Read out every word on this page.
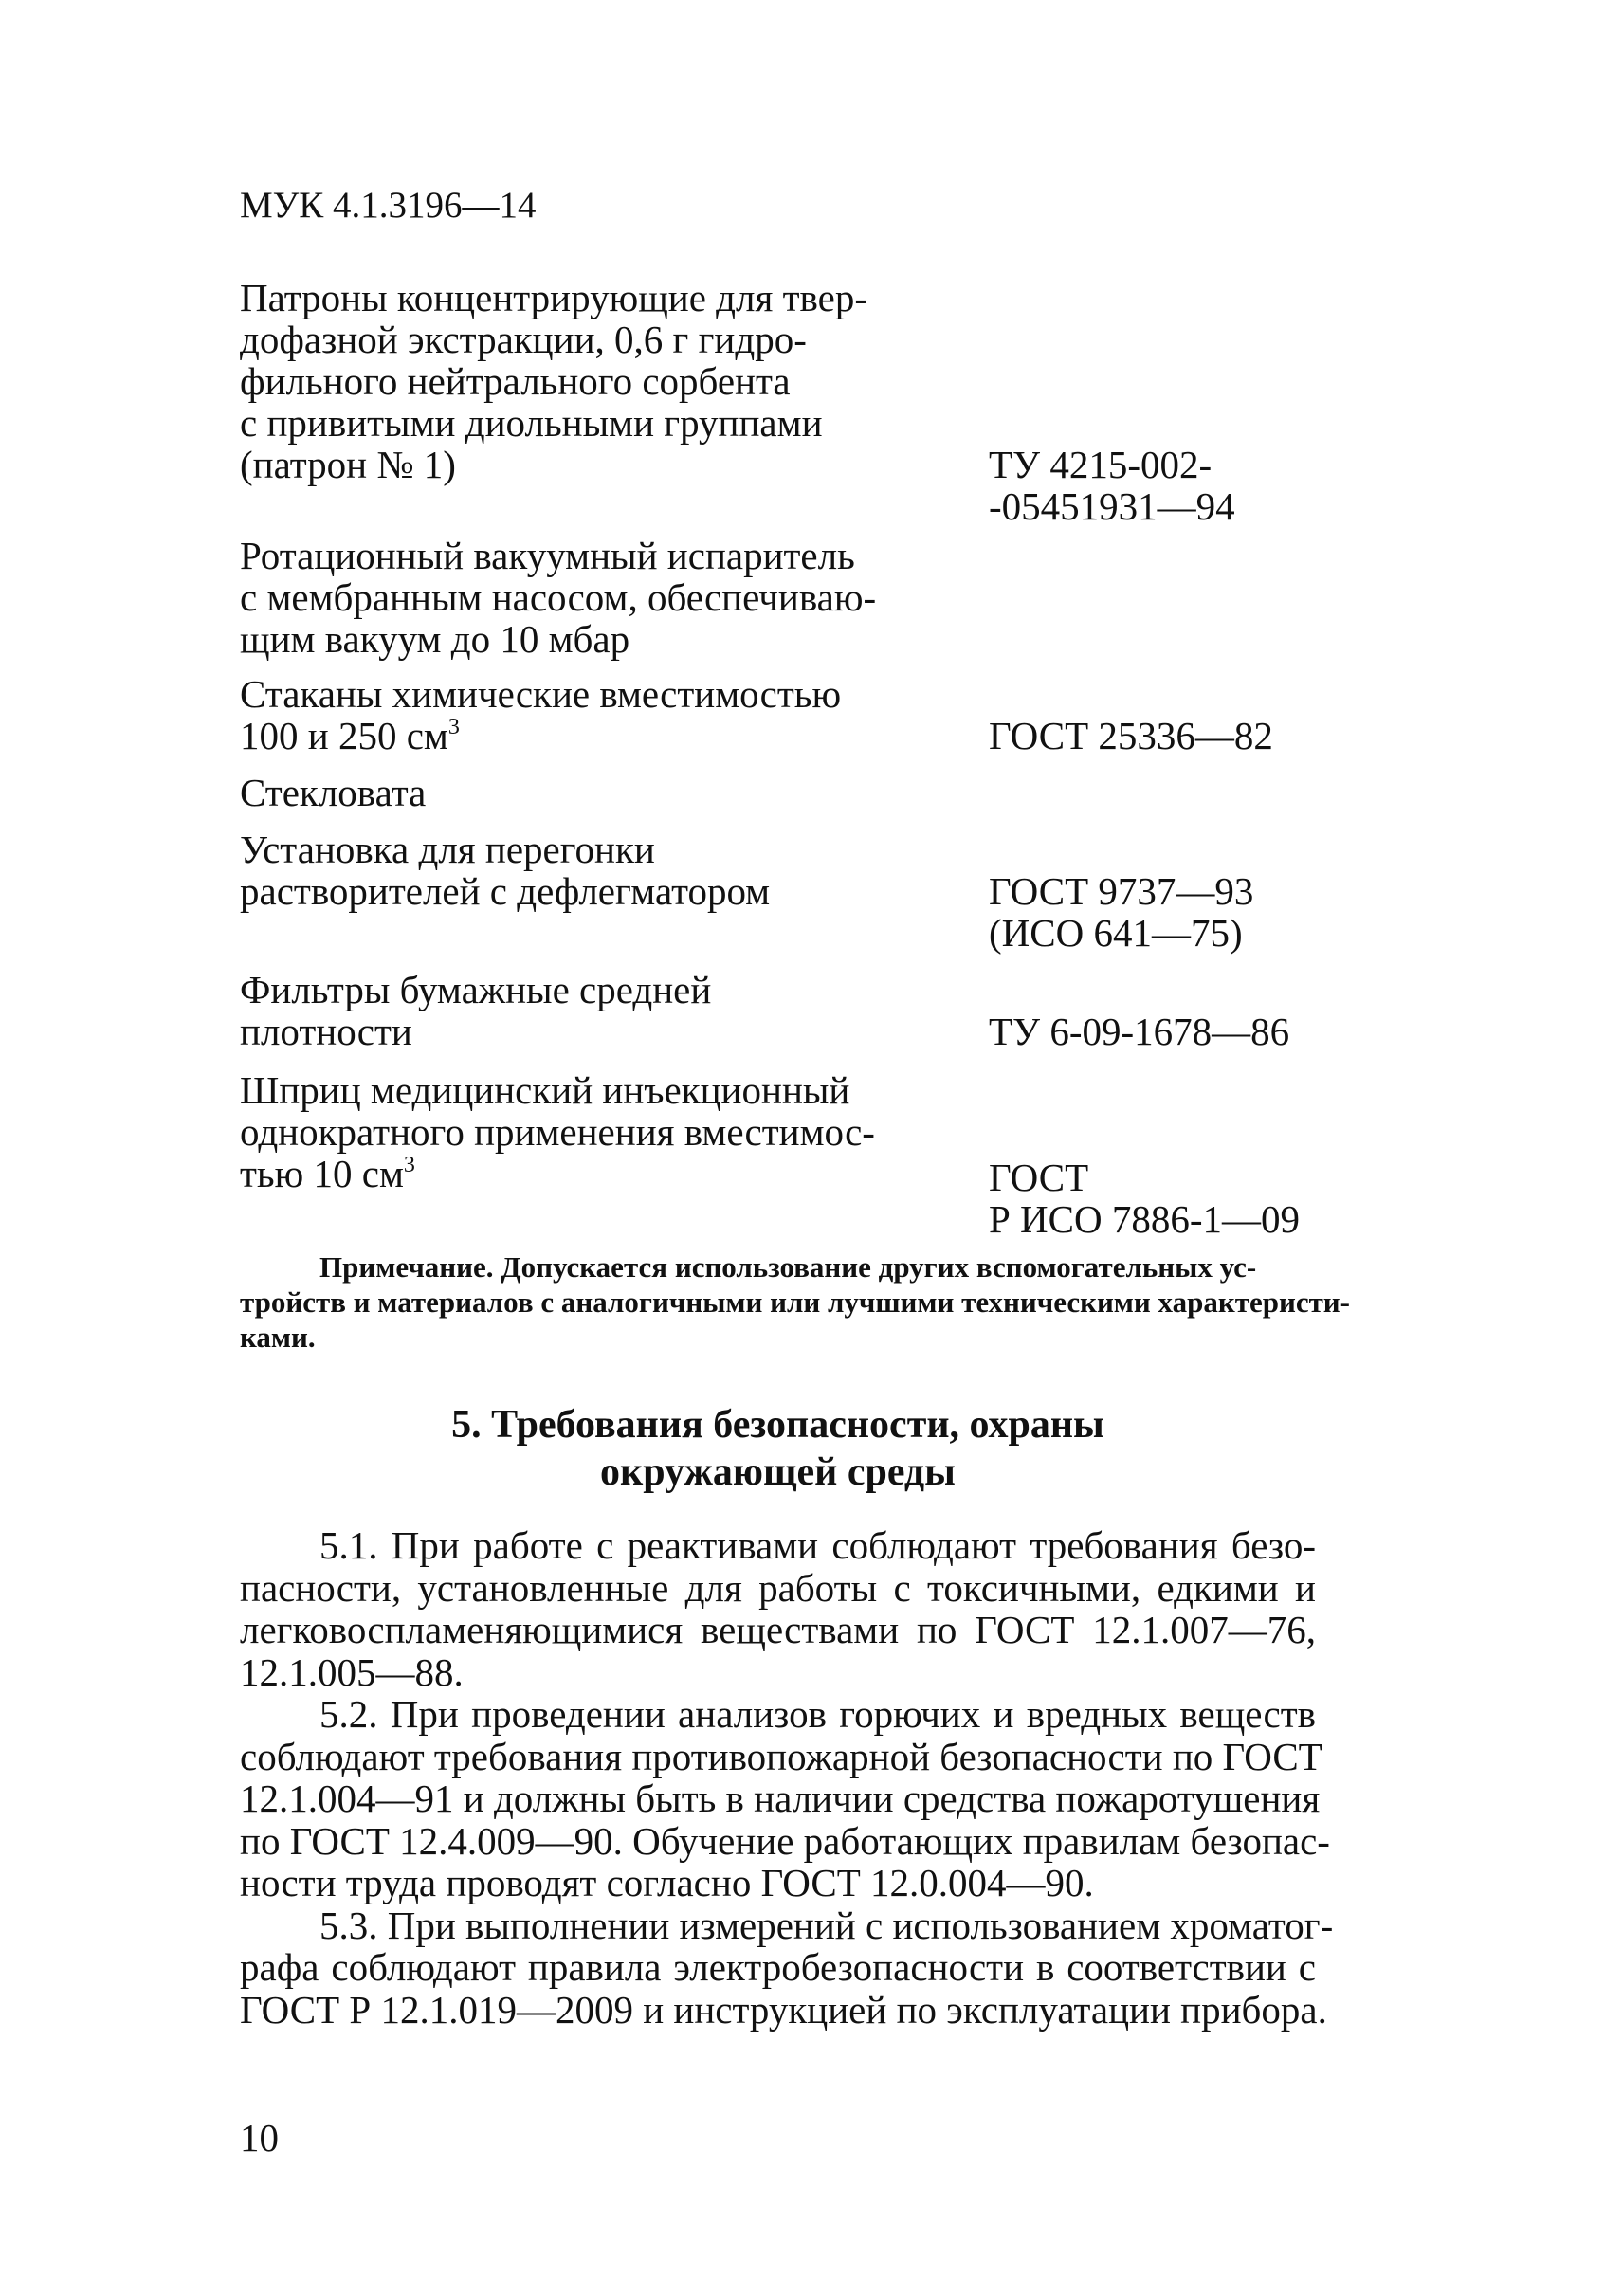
МУК 4.1.3196—14

Патроны концентрирующие для твер-
дофазной экстракции, 0,6 г гидро-
фильного нейтрального сорбента
с привитыми диольными группами
(патрон № 1)	ТУ 4215-002-
-05451931—94
Ротационный вакуумный испаритель
с мембранным насосом, обеспечиваю-
щим вакуум до 10 мбар
Стаканы химические вместимостью
100 и 250 $см^3$	ГОСТ 25336—82
Стекловата
Установка для перегонки
растворителей с дефлегматором	ГОСТ 9737—93
(ИСО 641—75)
Фильтры бумажные средней
плотности	ТУ 6-09-1678—86
Шприц медицинский инъекционный
однократного применения вместимос-
тью 10 $см^3$	ГОСТ
Р ИСО 7886-1—09

Примечание. Допускается использование других вспомогательных ус-
тройств и материалов с аналогичными или лучшими техническими характеристи-
ками.

5. Требования безопасности, охраны
окружающей среды

5.1. При работе с реактивами соблюдают требования безо-
пасности, установленные для работы с токсичными, едкими и
легковоспламеняющимися веществами по ГОСТ 12.1.007—76,
12.1.005—88.

5.2. При проведении анализов горючих и вредных веществ
соблюдают требования противопожарной безопасности по ГОСТ
12.1.004—91 и должны быть в наличии средства пожаротушения
по ГОСТ 12.4.009—90. Обучение работающих правилам безопас-
ности труда проводят согласно ГОСТ 12.0.004—90.

5.3. При выполнении измерений с использованием хроматог-
рафа соблюдают правила электробезопасности в соответствии с
ГОСТ Р 12.1.019—2009 и инструкцией по эксплуатации прибора.

10
